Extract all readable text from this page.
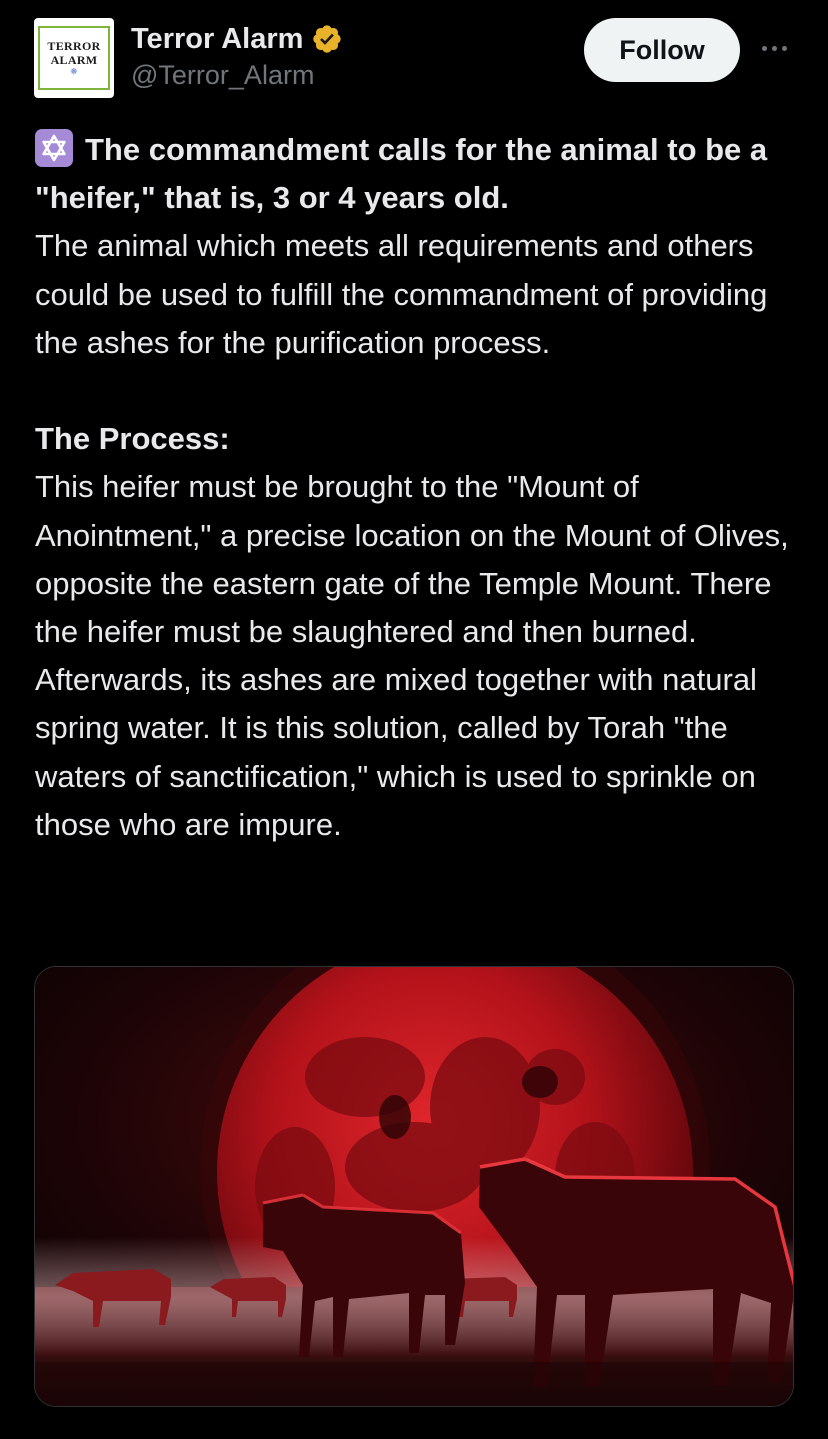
TERROR
ALARM
❊
Terror Alarm
@Terror_Alarm
Follow

The commandment calls for the animal to be a "heifer," that is, 3 or 4 years old.

The animal which meets all requirements and others could be used to fulfill the commandment of providing the ashes for the purification process.

The Process:

This heifer must be brought to the "Mount of Anointment," a precise location on the Mount of Olives, opposite the eastern gate of the Temple Mount. There the heifer must be slaughtered and then burned.

Afterwards, its ashes are mixed together with natural spring water. It is this solution, called by Torah "the waters of sanctification," which is used to sprinkle on those who are impure.
